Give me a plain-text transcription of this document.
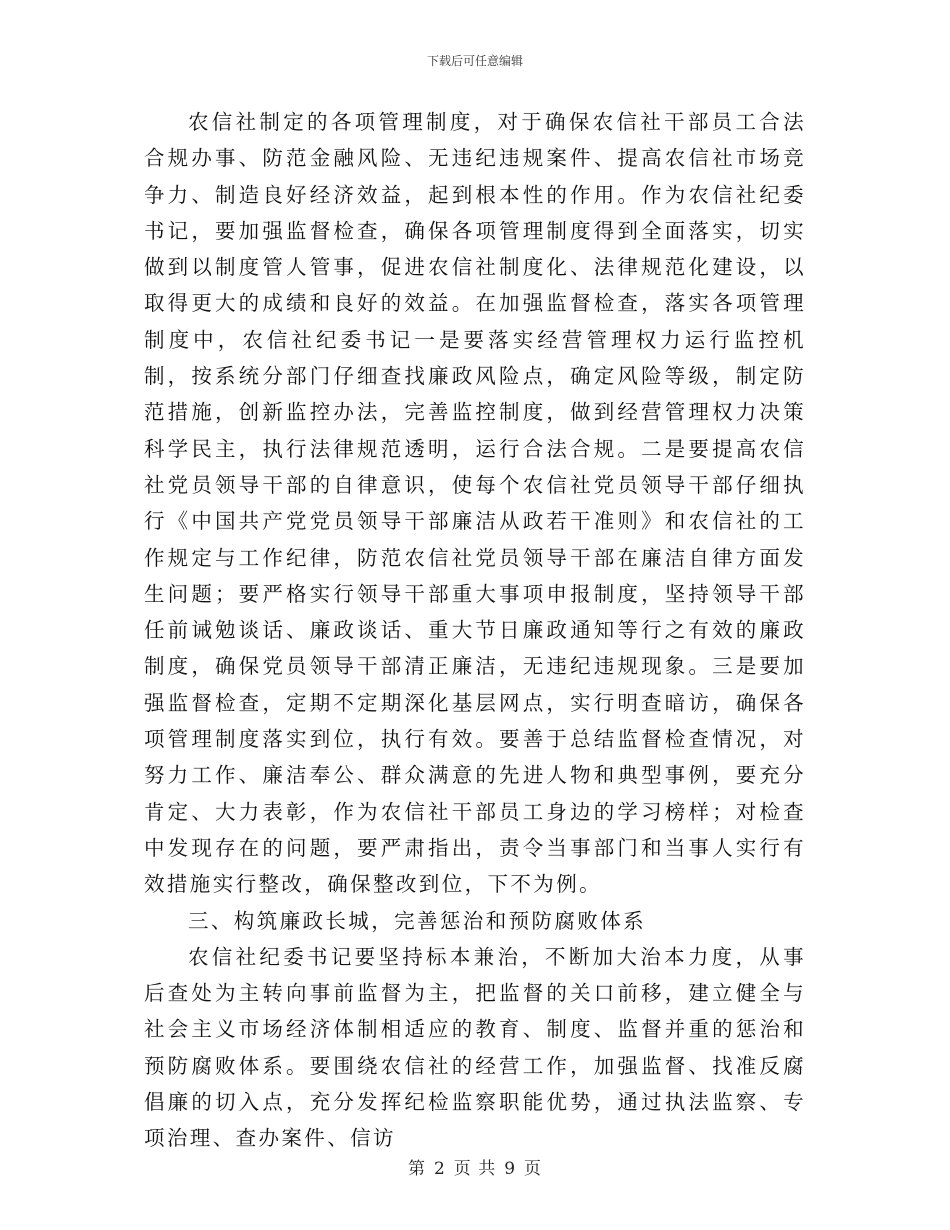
下载后可任意编辑

农信社制定的各项管理制度，对于确保农信社干部员工合法合规办事、防范金融风险、无违纪违规案件、提高农信社市场竞争力、制造良好经济效益，起到根本性的作用。作为农信社纪委书记，要加强监督检查，确保各项管理制度得到全面落实，切实做到以制度管人管事，促进农信社制度化、法律规范化建设，以取得更大的成绩和良好的效益。在加强监督检查，落实各项管理制度中，农信社纪委书记一是要落实经营管理权力运行监控机制，按系统分部门仔细查找廉政风险点，确定风险等级，制定防范措施，创新监控办法，完善监控制度，做到经营管理权力决策科学民主，执行法律规范透明，运行合法合规。二是要提高农信社党员领导干部的自律意识，使每个农信社党员领导干部仔细执行《中国共产党党员领导干部廉洁从政若干准则》和农信社的工作规定与工作纪律，防范农信社党员领导干部在廉洁自律方面发生问题；要严格实行领导干部重大事项申报制度，坚持领导干部任前诫勉谈话、廉政谈话、重大节日廉政通知等行之有效的廉政制度，确保党员领导干部清正廉洁，无违纪违规现象。三是要加强监督检查，定期不定期深化基层网点，实行明查暗访，确保各项管理制度落实到位，执行有效。要善于总结监督检查情况，对努力工作、廉洁奉公、群众满意的先进人物和典型事例，要充分肯定、大力表彰，作为农信社干部员工身边的学习榜样；对检查中发现存在的问题，要严肃指出，责令当事部门和当事人实行有效措施实行整改，确保整改到位，下不为例。

三、构筑廉政长城，完善惩治和预防腐败体系

农信社纪委书记要坚持标本兼治，不断加大治本力度，从事后查处为主转向事前监督为主，把监督的关口前移，建立健全与社会主义市场经济体制相适应的教育、制度、监督并重的惩治和预防腐败体系。要围绕农信社的经营工作，加强监督、找准反腐倡廉的切入点，充分发挥纪检监察职能优势，通过执法监察、专项治理、查办案件、信访

第 2 页 共 9 页
